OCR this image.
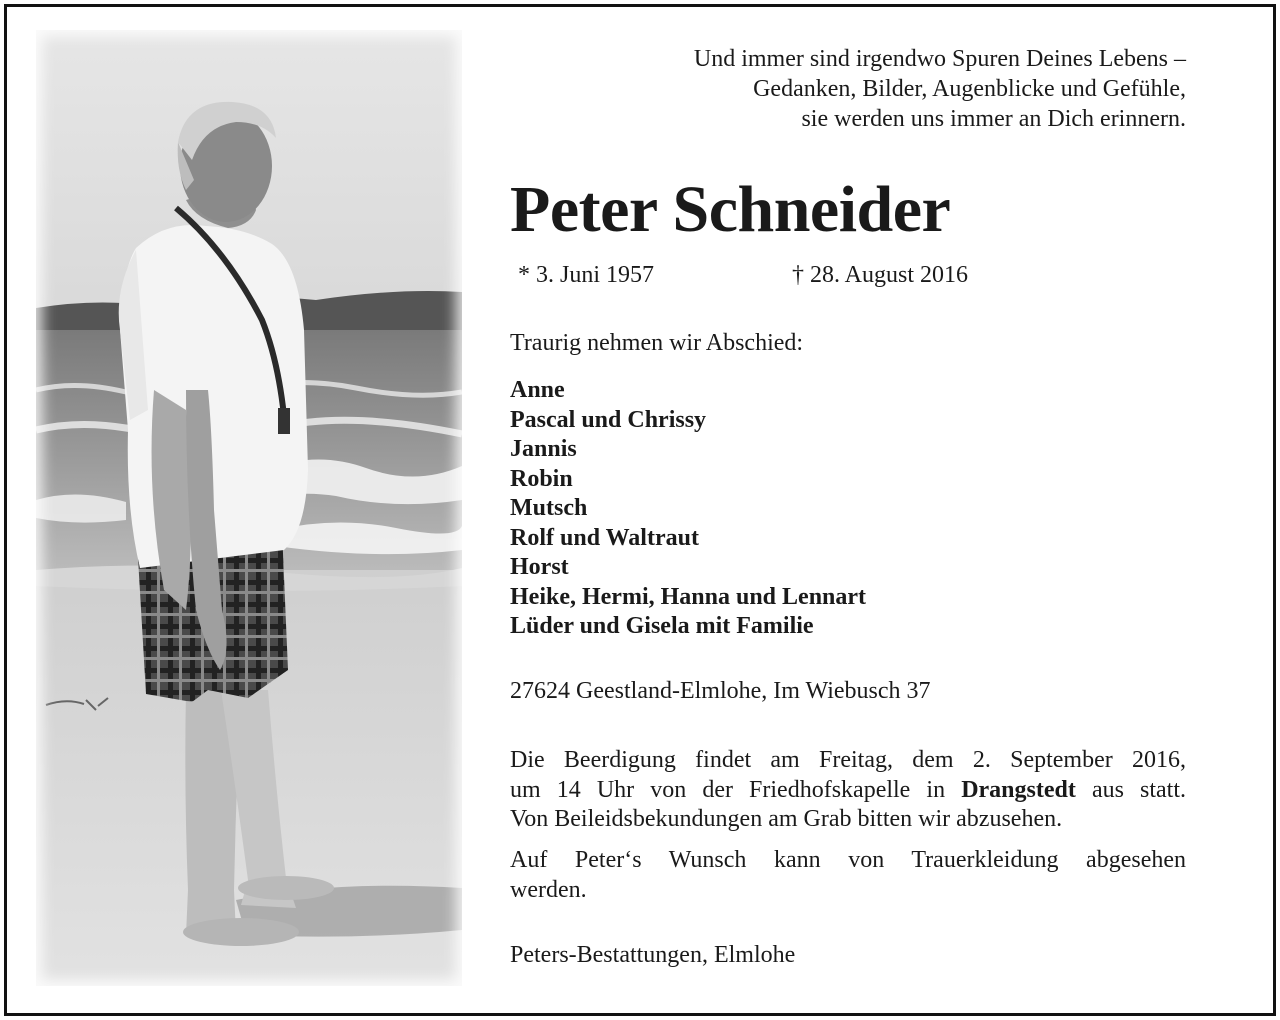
Und immer sind irgendwo Spuren Deines Lebens –
Gedanken, Bilder, Augenblicke und Gefühle,
sie werden uns immer an Dich erinnern.
Peter Schneider
* 3. Juni 1957	† 28. August 2016
Traurig nehmen wir Abschied:
Anne
Pascal und Chrissy
Jannis
Robin
Mutsch
Rolf und Waltraut
Horst
Heike, Hermi, Hanna und Lennart
Lüder und Gisela mit Familie
27624 Geestland-Elmlohe, Im Wiebusch 37
Die Beerdigung findet am Freitag, dem 2. September 2016,
um 14 Uhr von der Friedhofskapelle in Drangstedt aus statt.
Von Beileidsbekundungen am Grab bitten wir abzusehen.
Auf Peter‘s Wunsch kann von Trauerkleidung abgesehen
werden.
Peters-Bestattungen, Elmlohe
